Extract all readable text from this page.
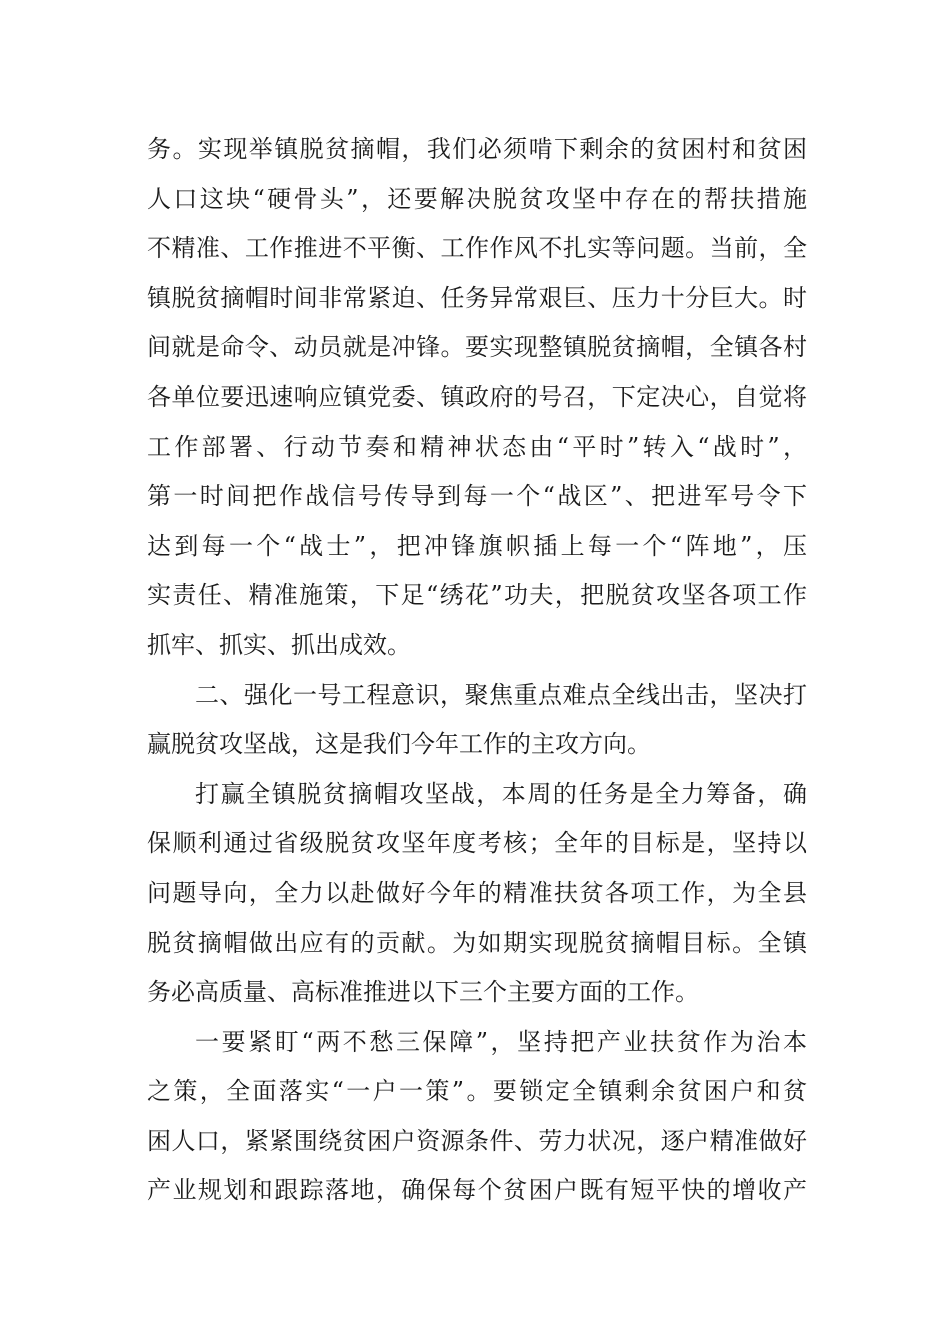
务。实现举镇脱贫摘帽，我们必须啃下剩余的贫困村和贫困
人口这块“硬骨头”，还要解决脱贫攻坚中存在的帮扶措施
不精准、工作推进不平衡、工作作风不扎实等问题。当前，全
镇脱贫摘帽时间非常紧迫、任务异常艰巨、压力十分巨大。时
间就是命令、动员就是冲锋。要实现整镇脱贫摘帽，全镇各村
各单位要迅速响应镇党委、镇政府的号召，下定决心，自觉将
工作部署、行动节奏和精神状态由“平时”转入“战时”，
第一时间把作战信号传导到每一个“战区”、把进军号令下
达到每一个“战士”，把冲锋旗帜插上每一个“阵地”，压
实责任、精准施策，下足“绣花”功夫，把脱贫攻坚各项工作
抓牢、抓实、抓出成效。
二、强化一号工程意识，聚焦重点难点全线出击，坚决打
赢脱贫攻坚战，这是我们今年工作的主攻方向。
打赢全镇脱贫摘帽攻坚战，本周的任务是全力筹备，确
保顺利通过省级脱贫攻坚年度考核；全年的目标是，坚持以
问题导向，全力以赴做好今年的精准扶贫各项工作，为全县
脱贫摘帽做出应有的贡献。为如期实现脱贫摘帽目标。全镇
务必高质量、高标准推进以下三个主要方面的工作。
一要紧盯“两不愁三保障”，坚持把产业扶贫作为治本
之策，全面落实“一户一策”。要锁定全镇剩余贫困户和贫
困人口，紧紧围绕贫困户资源条件、劳力状况，逐户精准做好
产业规划和跟踪落地，确保每个贫困户既有短平快的增收产
